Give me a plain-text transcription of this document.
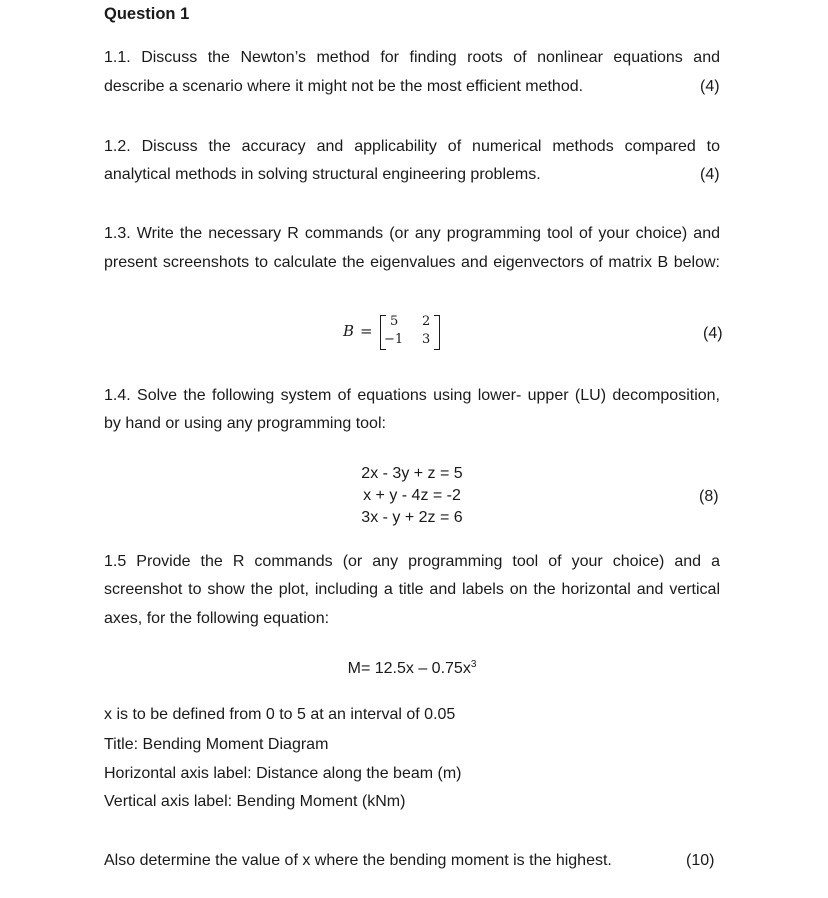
Question 1
1.1. Discuss the Newton’s method for finding roots of nonlinear equations and
describe a scenario where it might not be the most efficient method.	(4)
1.2. Discuss the accuracy and applicability of numerical methods compared to
analytical methods in solving structural engineering problems.	(4)
1.3. Write the necessary R commands (or any programming tool of your choice) and
present screenshots to calculate the eigenvalues and eigenvectors of matrix B below:
B =
5 2
−1 3	(4)
1.4. Solve the following system of equations using lower- upper (LU) decomposition,
by hand or using any programming tool:
2x - 3y + z = 5
x + y - 4z = -2
3x - y + 2z = 6
(8)
1.5 Provide the R commands (or any programming tool of your choice) and a
screenshot to show the plot, including a title and labels on the horizontal and vertical
axes, for the following equation:
$M= 12.5x - 0.75x^3$
x is to be defined from 0 to 5 at an interval of 0.05
Title: Bending Moment Diagram
Horizontal axis label: Distance along the beam (m)
Vertical axis label: Bending Moment (kNm)
Also determine the value of x where the bending moment is the highest.	(10)
